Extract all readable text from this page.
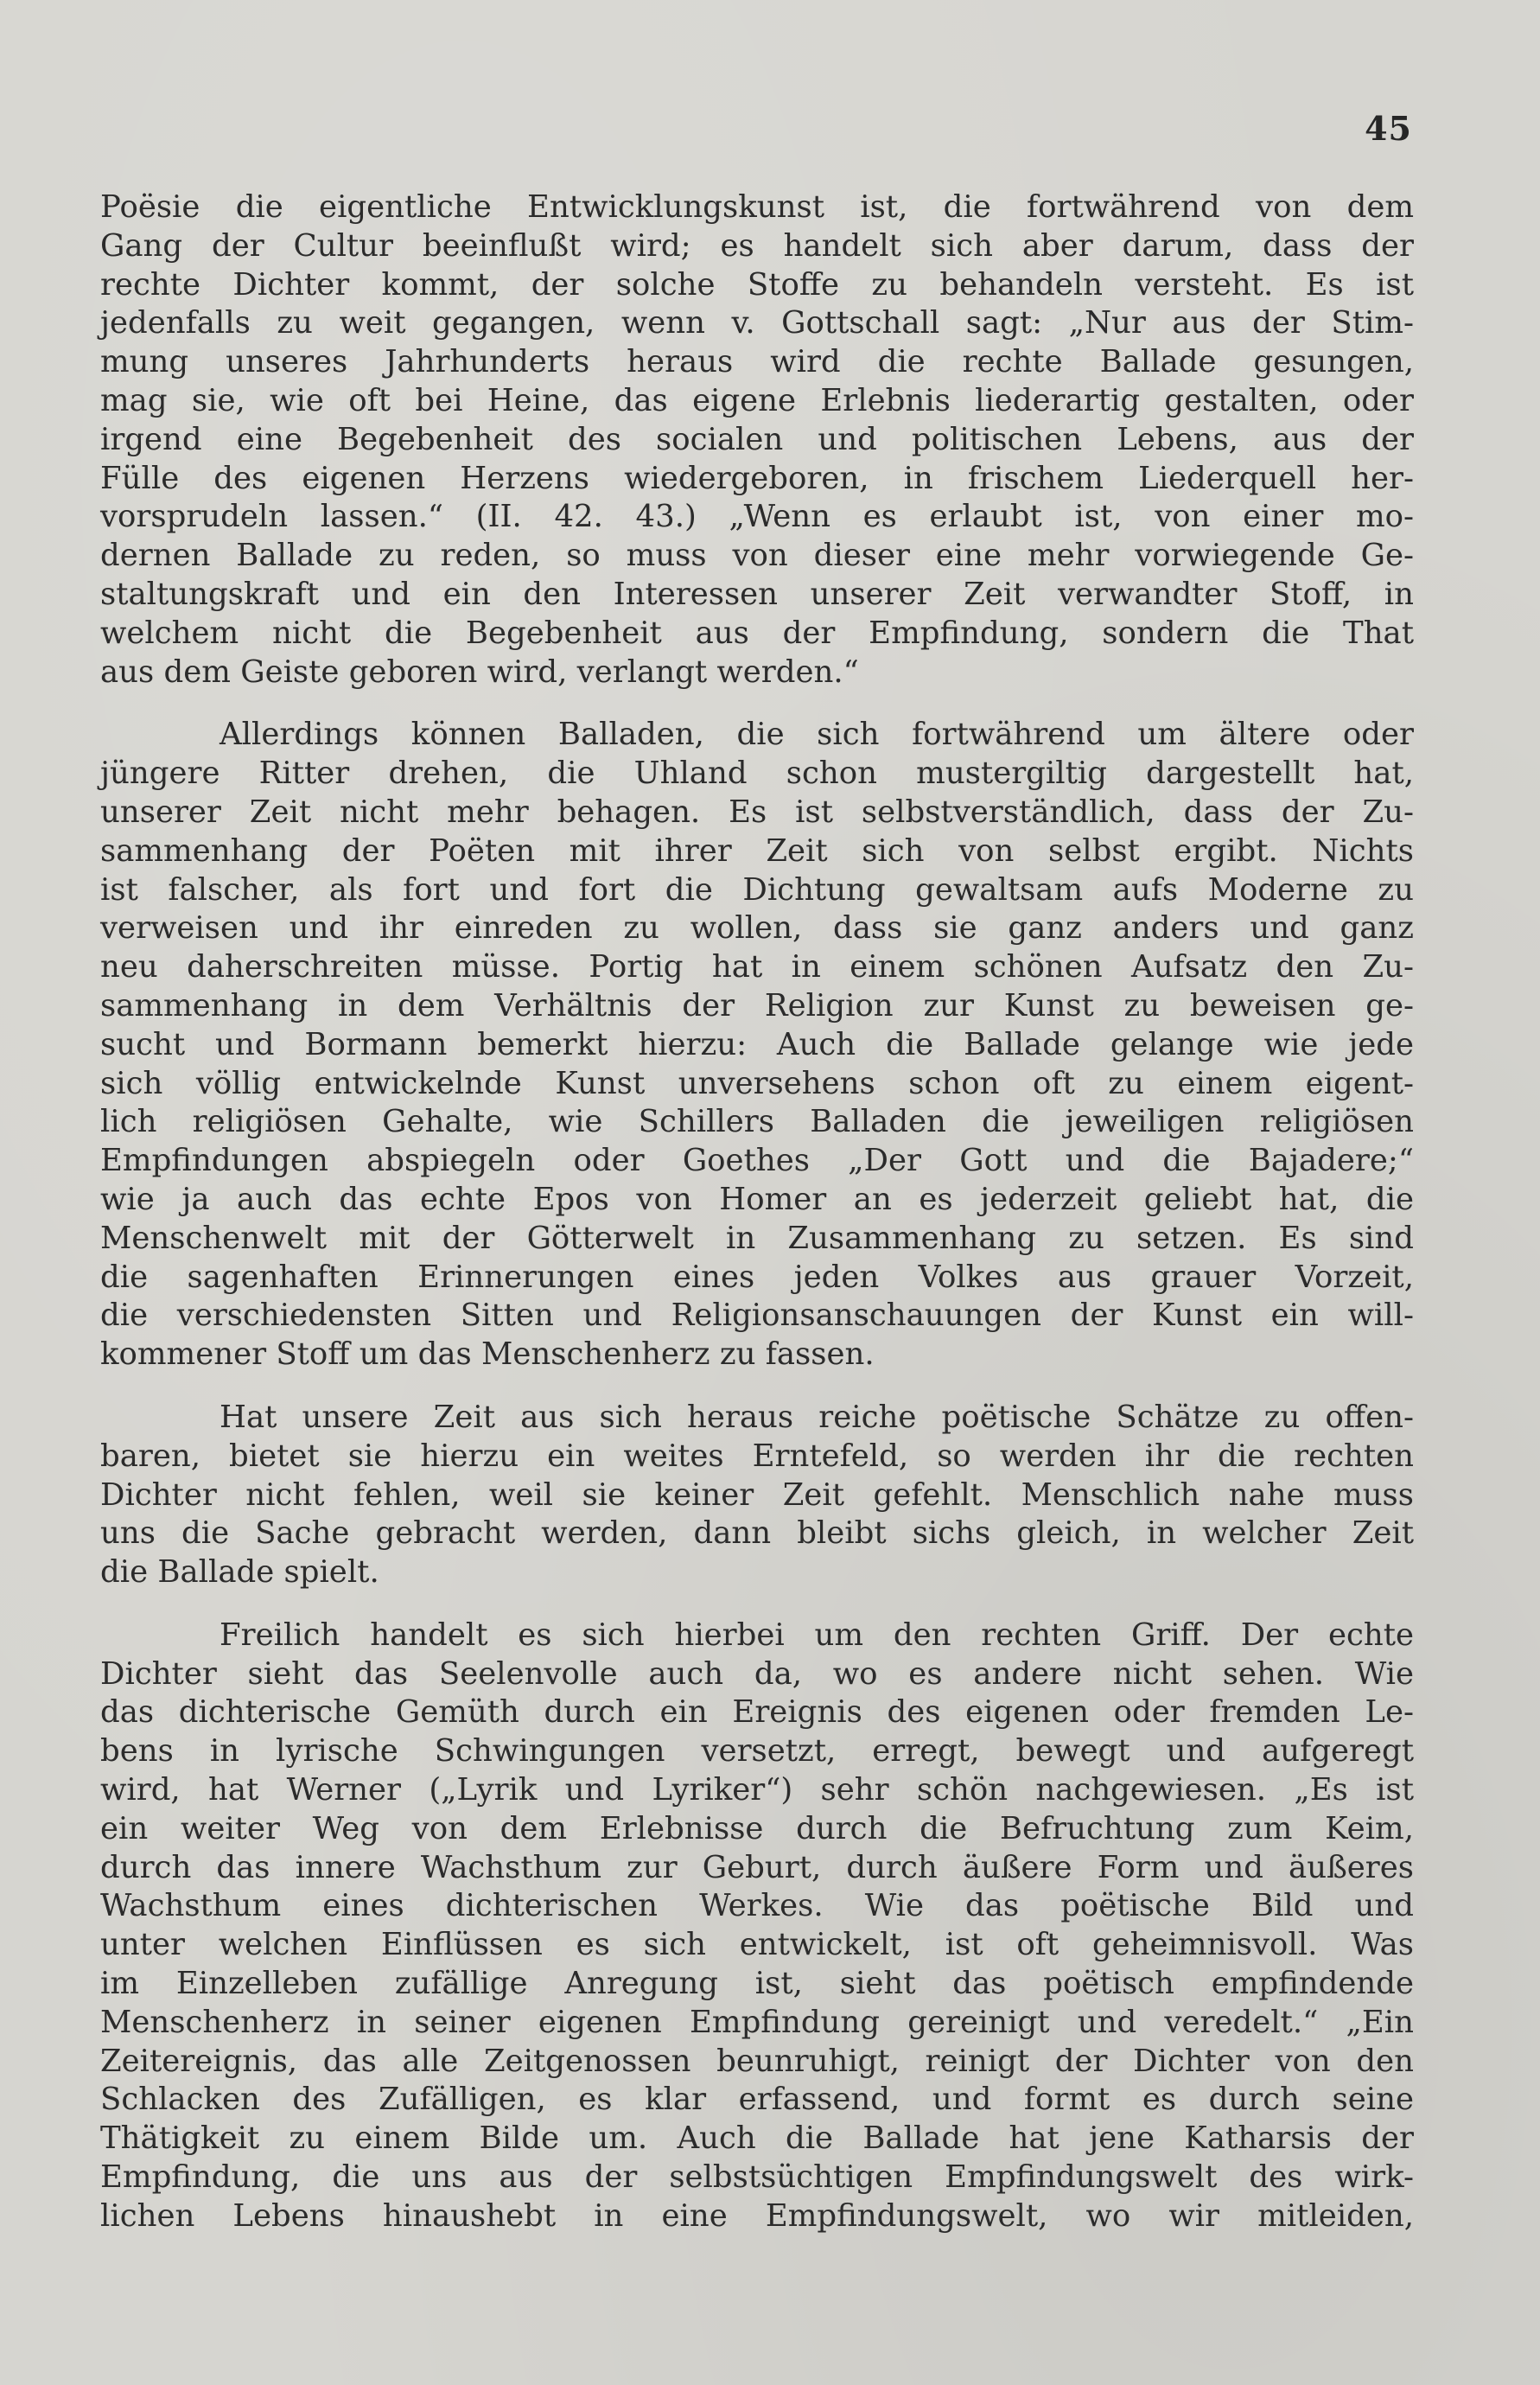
45
Poësie die eigentliche Entwicklungskunst ist, die fortwährend von dem
Gang der Cultur beeinflußt wird; es handelt sich aber darum, dass der
rechte Dichter kommt, der solche Stoffe zu behandeln versteht. Es ist
jedenfalls zu weit gegangen, wenn v. Gottschall sagt: „Nur aus der Stim-
mung unseres Jahrhunderts heraus wird die rechte Ballade gesungen,
mag sie, wie oft bei Heine, das eigene Erlebnis liederartig gestalten, oder
irgend eine Begebenheit des socialen und politischen Lebens, aus der
Fülle des eigenen Herzens wiedergeboren, in frischem Liederquell her-
vorsprudeln lassen.“ (II. 42. 43.) „Wenn es erlaubt ist, von einer mo-
dernen Ballade zu reden, so muss von dieser eine mehr vorwiegende Ge-
staltungskraft und ein den Interessen unserer Zeit verwandter Stoff, in
welchem nicht die Begebenheit aus der Empfindung, sondern die That
aus dem Geiste geboren wird, verlangt werden.“
Allerdings können Balladen, die sich fortwährend um ältere oder
jüngere Ritter drehen, die Uhland schon mustergiltig dargestellt hat,
unserer Zeit nicht mehr behagen. Es ist selbstverständlich, dass der Zu-
sammenhang der Poëten mit ihrer Zeit sich von selbst ergibt. Nichts
ist falscher, als fort und fort die Dichtung gewaltsam aufs Moderne zu
verweisen und ihr einreden zu wollen, dass sie ganz anders und ganz
neu daherschreiten müsse. Portig hat in einem schönen Aufsatz den Zu-
sammenhang in dem Verhältnis der Religion zur Kunst zu beweisen ge-
sucht und Bormann bemerkt hierzu: Auch die Ballade gelange wie jede
sich völlig entwickelnde Kunst unversehens schon oft zu einem eigent-
lich religiösen Gehalte, wie Schillers Balladen die jeweiligen religiösen
Empfindungen abspiegeln oder Goethes „Der Gott und die Bajadere;“
wie ja auch das echte Epos von Homer an es jederzeit geliebt hat, die
Menschenwelt mit der Götterwelt in Zusammenhang zu setzen. Es sind
die sagenhaften Erinnerungen eines jeden Volkes aus grauer Vorzeit,
die verschiedensten Sitten und Religionsanschauungen der Kunst ein will-
kommener Stoff um das Menschenherz zu fassen.
Hat unsere Zeit aus sich heraus reiche poëtische Schätze zu offen-
baren, bietet sie hierzu ein weites Erntefeld, so werden ihr die rechten
Dichter nicht fehlen, weil sie keiner Zeit gefehlt. Menschlich nahe muss
uns die Sache gebracht werden, dann bleibt sichs gleich, in welcher Zeit
die Ballade spielt.
Freilich handelt es sich hierbei um den rechten Griff. Der echte
Dichter sieht das Seelenvolle auch da, wo es andere nicht sehen. Wie
das dichterische Gemüth durch ein Ereignis des eigenen oder fremden Le-
bens in lyrische Schwingungen versetzt, erregt, bewegt und aufgeregt
wird, hat Werner („Lyrik und Lyriker“) sehr schön nachgewiesen. „Es ist
ein weiter Weg von dem Erlebnisse durch die Befruchtung zum Keim,
durch das innere Wachsthum zur Geburt, durch äußere Form und äußeres
Wachsthum eines dichterischen Werkes. Wie das poëtische Bild und
unter welchen Einflüssen es sich entwickelt, ist oft geheimnisvoll. Was
im Einzelleben zufällige Anregung ist, sieht das poëtisch empfindende
Menschenherz in seiner eigenen Empfindung gereinigt und veredelt.“ „Ein
Zeitereignis, das alle Zeitgenossen beunruhigt, reinigt der Dichter von den
Schlacken des Zufälligen, es klar erfassend, und formt es durch seine
Thätigkeit zu einem Bilde um. Auch die Ballade hat jene Katharsis der
Empfindung, die uns aus der selbstsüchtigen Empfindungswelt des wirk-
lichen Lebens hinaushebt in eine Empfindungswelt, wo wir mitleiden,
